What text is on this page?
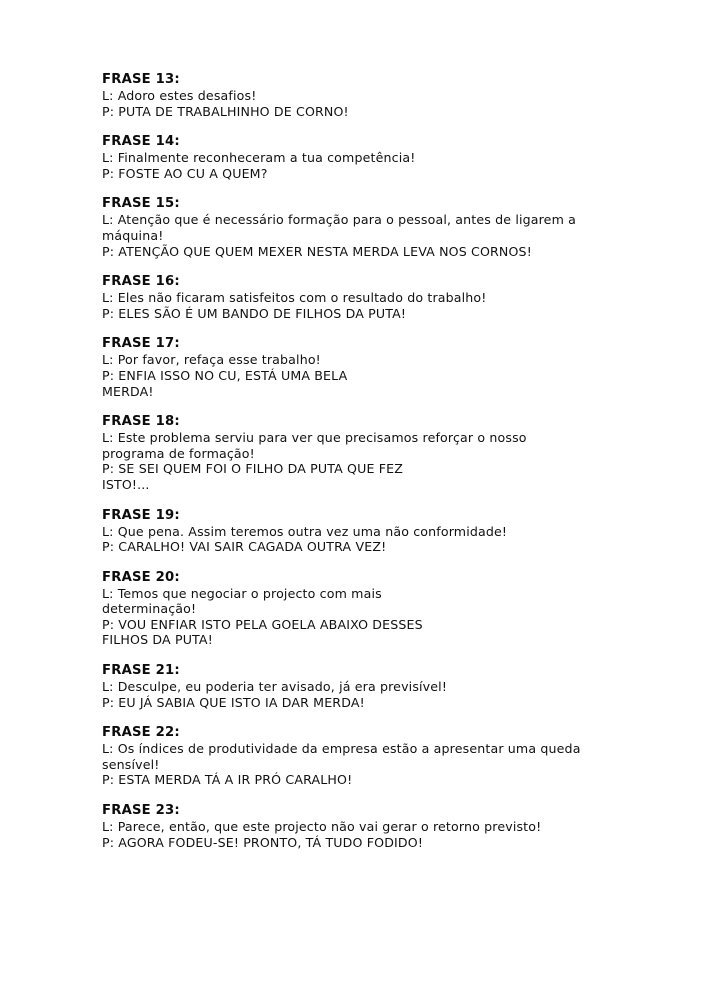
FRASE 13:
L: Adoro estes desafios!
P: PUTA DE TRABALHINHO DE CORNO!
FRASE 14:
L: Finalmente reconheceram a tua competência!
P: FOSTE AO CU A QUEM?
FRASE 15:
L: Atenção que é necessário formação para o pessoal, antes de ligarem a
máquina!
P: ATENÇÃO QUE QUEM MEXER NESTA MERDA LEVA NOS CORNOS!
FRASE 16:
L: Eles não ficaram satisfeitos com o resultado do trabalho!
P: ELES SÃO É UM BANDO DE FILHOS DA PUTA!
FRASE 17:
L: Por favor, refaça esse trabalho!
P: ENFIA ISSO NO CU, ESTÁ UMA BELA
MERDA!
FRASE 18:
L: Este problema serviu para ver que precisamos reforçar o nosso
programa de formação!
P: SE SEI QUEM FOI O FILHO DA PUTA QUE FEZ
ISTO!...
FRASE 19:
L: Que pena. Assim teremos outra vez uma não conformidade!
P: CARALHO! VAI SAIR CAGADA OUTRA VEZ!
FRASE 20:
L: Temos que negociar o projecto com mais
determinação!
P: VOU ENFIAR ISTO PELA GOELA ABAIXO DESSES
FILHOS DA PUTA!
FRASE 21:
L: Desculpe, eu poderia ter avisado, já era previsível!
P: EU JÁ SABIA QUE ISTO IA DAR MERDA!
FRASE 22:
L: Os índices de produtividade da empresa estão a apresentar uma queda
sensível!
P: ESTA MERDA TÁ A IR PRÓ CARALHO!
FRASE 23:
L: Parece, então, que este projecto não vai gerar o retorno previsto!
P: AGORA FODEU-SE! PRONTO, TÁ TUDO FODIDO!
